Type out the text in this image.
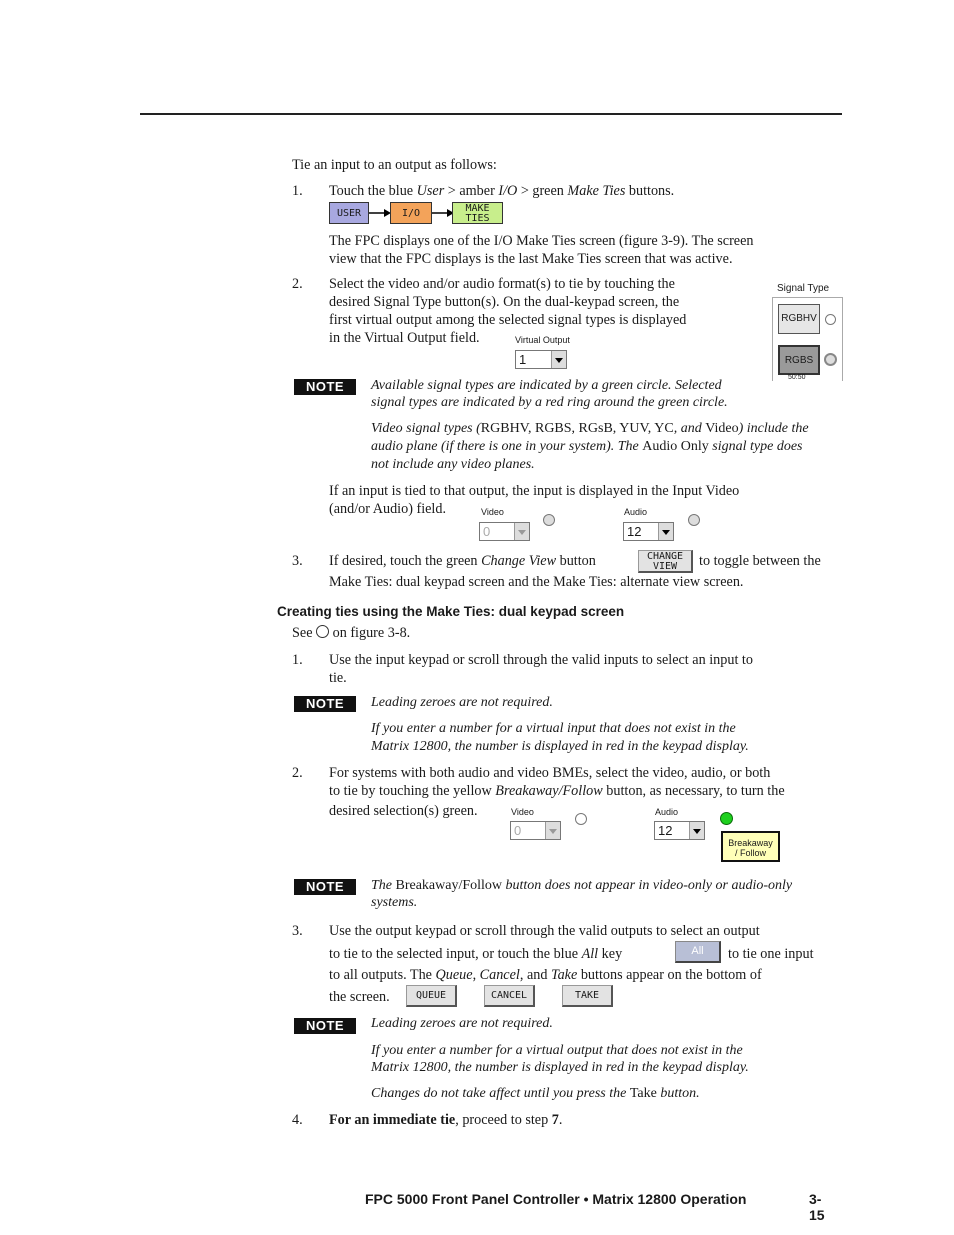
Tie an input to an output as follows:
1. Touch the blue User > amber I/O > green Make Ties buttons.
USER	I/O	MAKE
TIES
The FPC displays one of the I/O Make Ties screen (figure 3-9). The screen
view that the FPC displays is the last Make Ties screen that was active.
2. Select the video and/or audio format(s) to tie by touching the
desired Signal Type button(s). On the dual-keypad screen, the
first virtual output among the selected signal types is displayed
in the Virtual Output field.
Signal Type
RGBHV
RGBS
50:50
Virtual Output
1
NOTE	Available signal types are indicated by a green circle. Selected
signal types are indicated by a red ring around the green circle.
Video signal types (RGBHV, RGBS, RGsB, YUV, YC, and Video) include the
audio plane (if there is one in your system). The Audio Only signal type does
not include any video planes.
If an input is tied to that output, the input is displayed in the Input Video
(and/or Audio) field.	Video
0
Audio
12
3. If desired, touch the green Change View button	CHANGE
VIEW	to toggle between the
Make Ties: dual keypad screen and the Make Ties: alternate view screen.
Creating ties using the Make Ties: dual keypad screen
See on figure 3-8.
1. Use the input keypad or scroll through the valid inputs to select an input to
tie.
NOTE	Leading zeroes are not required.
If you enter a number for a virtual input that does not exist in the
Matrix 12800, the number is displayed in red in the keypad display.
2. For systems with both audio and video BMEs, select the video, audio, or both
to tie by touching the yellow Breakaway/Follow button, as necessary, to turn the
desired selection(s) green.	Video
0
Audio
12
Breakaway
/ Follow
NOTE	The Breakaway/Follow button does not appear in video-only or audio-only
systems.
3. Use the output keypad or scroll through the valid outputs to select an output
to tie to the selected input, or touch the blue All key	All	to tie one input
to all outputs. The Queue, Cancel, and Take buttons appear on the bottom of
the screen.	QUEUE	CANCEL	TAKE
NOTE	Leading zeroes are not required.
If you enter a number for a virtual output that does not exist in the
Matrix 12800, the number is displayed in red in the keypad display.
Changes do not take affect until you press the Take button.
4. For an immediate tie, proceed to step 7.
FPC 5000 Front Panel Controller • Matrix 12800 Operation	3-15
